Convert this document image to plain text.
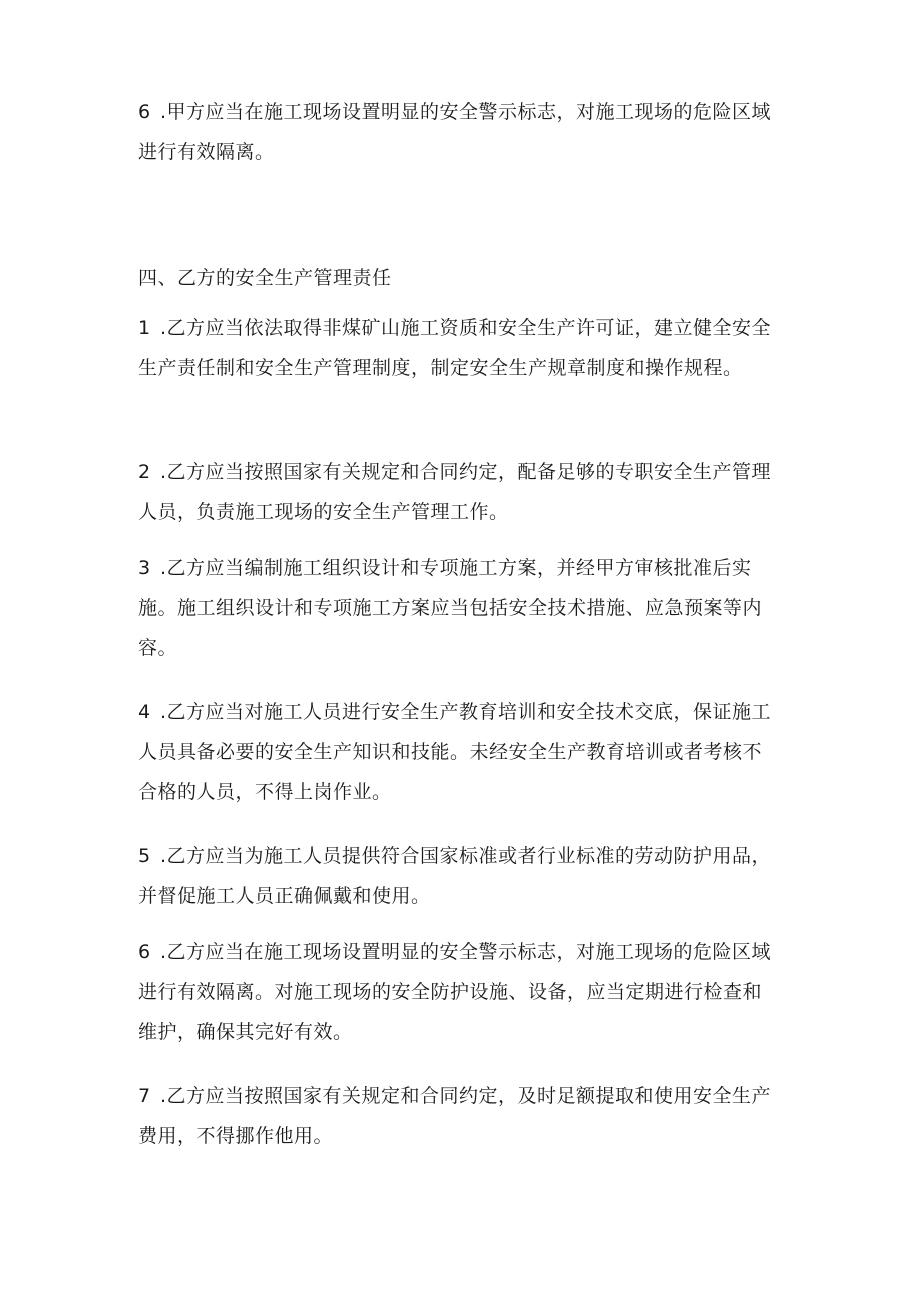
6 .甲方应当在施工现场设置明显的安全警示标志，对施工现场的危险区域进行有效隔离。

四、乙方的安全生产管理责任

1 .乙方应当依法取得非煤矿山施工资质和安全生产许可证，建立健全安全生产责任制和安全生产管理制度，制定安全生产规章制度和操作规程。

2 .乙方应当按照国家有关规定和合同约定，配备足够的专职安全生产管理人员，负责施工现场的安全生产管理工作。

3 .乙方应当编制施工组织设计和专项施工方案，并经甲方审核批准后实施。施工组织设计和专项施工方案应当包括安全技术措施、应急预案等内容。

4 .乙方应当对施工人员进行安全生产教育培训和安全技术交底，保证施工人员具备必要的安全生产知识和技能。未经安全生产教育培训或者考核不合格的人员，不得上岗作业。

5 .乙方应当为施工人员提供符合国家标准或者行业标准的劳动防护用品，并督促施工人员正确佩戴和使用。

6 .乙方应当在施工现场设置明显的安全警示标志，对施工现场的危险区域进行有效隔离。对施工现场的安全防护设施、设备，应当定期进行检查和维护，确保其完好有效。

7 .乙方应当按照国家有关规定和合同约定，及时足额提取和使用安全生产费用，不得挪作他用。
